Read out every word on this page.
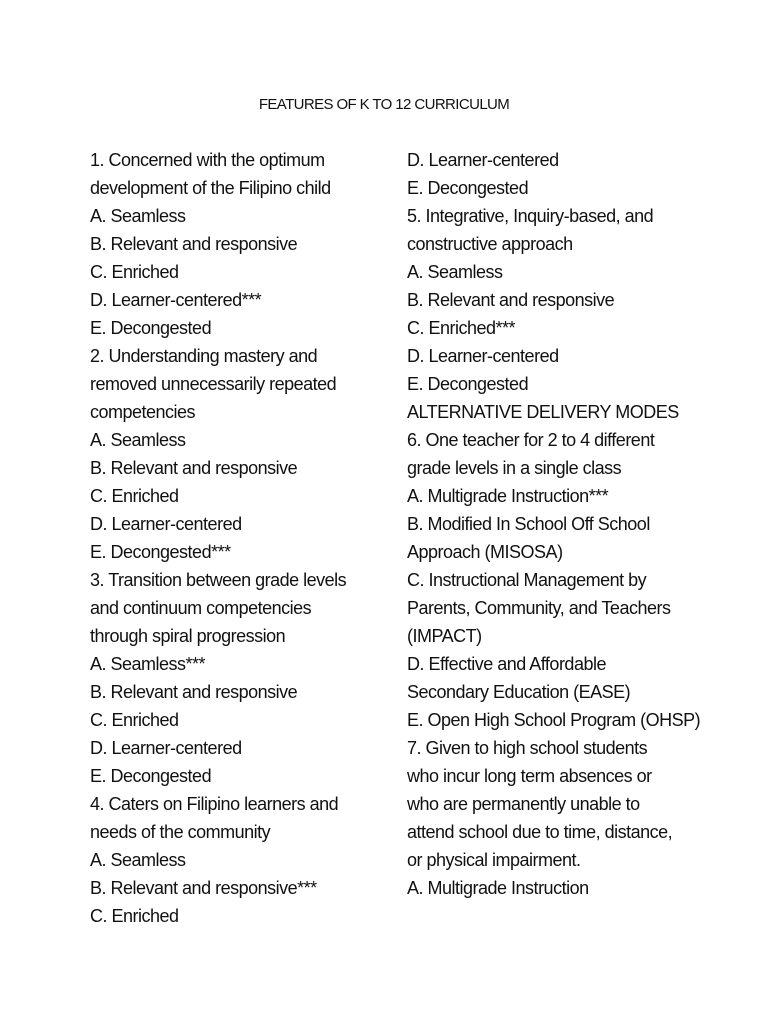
FEATURES OF K TO 12 CURRICULUM
1. Concerned with the optimum
development of the Filipino child
A. Seamless
B. Relevant and responsive
C. Enriched
D. Learner-centered***
E. Decongested
2. Understanding mastery and
removed unnecessarily repeated
competencies
A. Seamless
B. Relevant and responsive
C. Enriched
D. Learner-centered
E. Decongested***
3. Transition between grade levels
and continuum competencies
through spiral progression
A. Seamless***
B. Relevant and responsive
C. Enriched
D. Learner-centered
E. Decongested
4. Caters on Filipino learners and
needs of the community
A. Seamless
B. Relevant and responsive***
C. Enriched
D. Learner-centered
E. Decongested
5. Integrative, Inquiry-based, and
constructive approach
A. Seamless
B. Relevant and responsive
C. Enriched***
D. Learner-centered
E. Decongested
ALTERNATIVE DELIVERY MODES
6. One teacher for 2 to 4 different
grade levels in a single class
A. Multigrade Instruction***
B. Modified In School Off School
Approach (MISOSA)
C. Instructional Management by
Parents, Community, and Teachers
(IMPACT)
D. Effective and Affordable
Secondary Education (EASE)
E. Open High School Program (OHSP)
7. Given to high school students
who incur long term absences or
who are permanently unable to
attend school due to time, distance,
or physical impairment.
A. Multigrade Instruction
